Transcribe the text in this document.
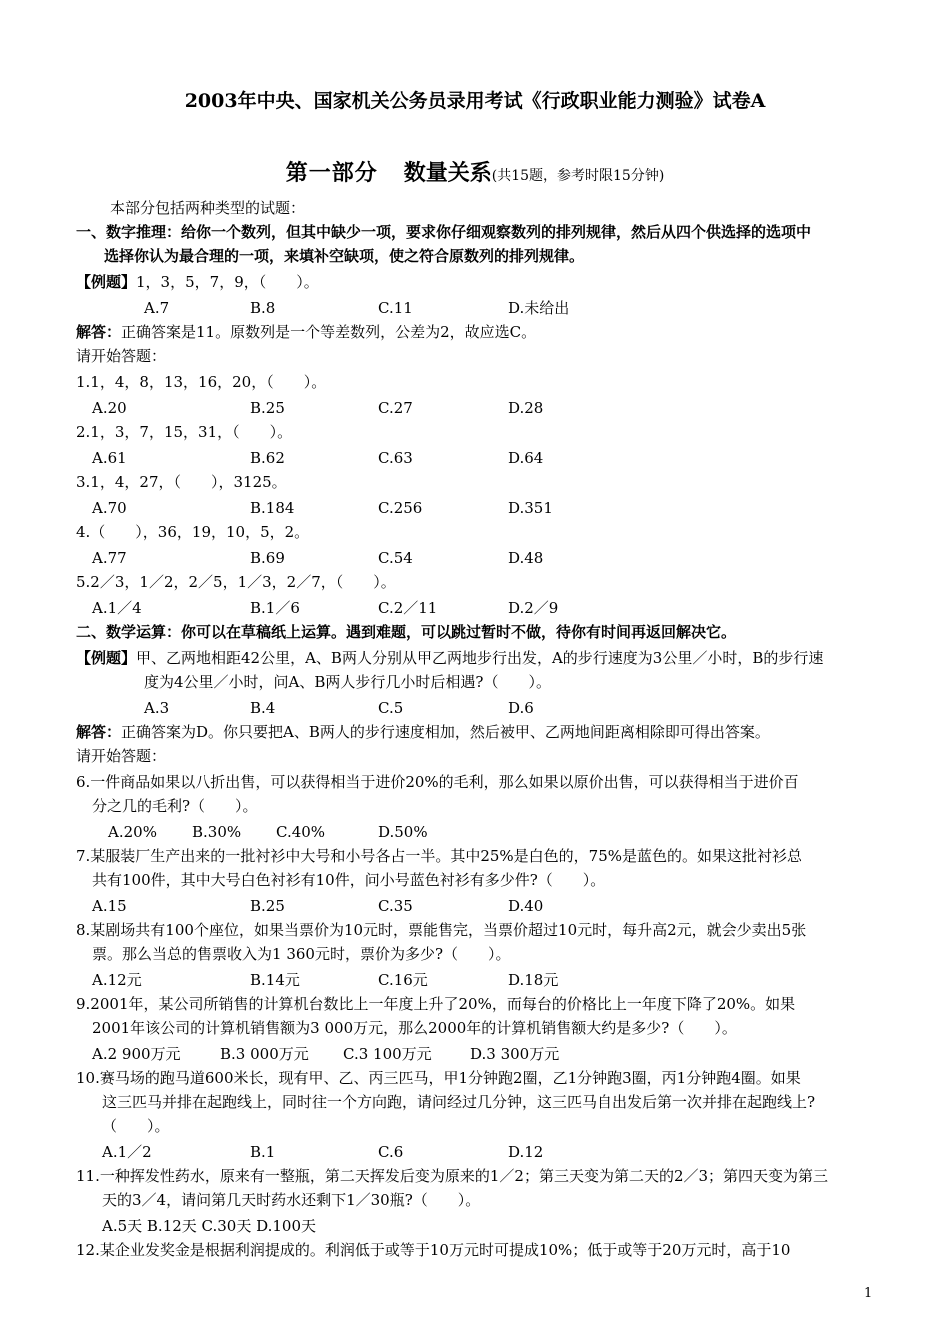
2003年中央、国家机关公务员录用考试《行政职业能力测验》试卷A
第一部分 数量关系(共15题，参考时限15分钟)
本部分包括两种类型的试题：
一、数字推理：给你一个数列，但其中缺少一项，要求你仔细观察数列的排列规律，然后从四个供选择的选项中
选择你认为最合理的一项，来填补空缺项，使之符合原数列的排列规律。
【例题】1，3，5，7，9，（　　）。
A.7	B.8	C.11	D.未给出
解答：正确答案是11。原数列是一个等差数列，公差为2，故应选C。
请开始答题：
1.1，4，8，13，16，20，（　　）。
A.20	B.25	C.27	D.28
2.1，3，7，15，31，（　　）。
A.61	B.62	C.63	D.64
3.1，4，27，（　　），3125。
A.70	B.184	C.256	D.351
4.（　　），36，19，10，5，2。
A.77	B.69	C.54	D.48
5.2／3，1／2，2／5，1／3，2／7，（　　）。
A.1／4	B.1／6	C.2／11	D.2／9
二、数学运算：你可以在草稿纸上运算。遇到难题，可以跳过暂时不做，待你有时间再返回解决它。
【例题】甲、乙两地相距42公里，A、B两人分别从甲乙两地步行出发，A的步行速度为3公里／小时，B的步行速
度为4公里／小时，问A、B两人步行几小时后相遇?（　　）。
A.3	B.4	C.5	D.6
解答：正确答案为D。你只要把A、B两人的步行速度相加，然后被甲、乙两地间距离相除即可得出答案。
请开始答题：
6.一件商品如果以八折出售，可以获得相当于进价20%的毛利，那么如果以原价出售，可以获得相当于进价百
分之几的毛利?（　　）。
A.20% B.30% C.40%	D.50%
7.某服装厂生产出来的一批衬衫中大号和小号各占一半。其中25%是白色的，75%是蓝色的。如果这批衬衫总
共有100件，其中大号白色衬衫有10件，问小号蓝色衬衫有多少件?（　　）。
A.15	B.25	C.35	D.40
8.某剧场共有100个座位，如果当票价为10元时，票能售完，当票价超过10元时，每升高2元，就会少卖出5张
票。那么当总的售票收入为1 360元时，票价为多少?（　　）。
A.12元	B.14元	C.16元	D.18元
9.2001年，某公司所销售的计算机台数比上一年度上升了20%，而每台的价格比上一年度下降了20%。如果
2001年该公司的计算机销售额为3 000万元，那么2000年的计算机销售额大约是多少?（　　）。
A.2 900万元	B.3 000万元 C.3 100万元	D.3 300万元
10.赛马场的跑马道600米长，现有甲、乙、丙三匹马，甲1分钟跑2圈，乙1分钟跑3圈，丙1分钟跑4圈。如果
这三匹马并排在起跑线上，同时往一个方向跑，请问经过几分钟，这三匹马自出发后第一次并排在起跑线上?
（　　）。
A.1／2	B.1	C.6	D.12
11.一种挥发性药水，原来有一整瓶，第二天挥发后变为原来的1／2；第三天变为第二天的2／3；第四天变为第三
天的3／4，请问第几天时药水还剩下1／30瓶?（　　）。
A.5天 B.12天 C.30天 D.100天
12.某企业发奖金是根据利润提成的。利润低于或等于10万元时可提成10%；低于或等于20万元时，高于10
1
